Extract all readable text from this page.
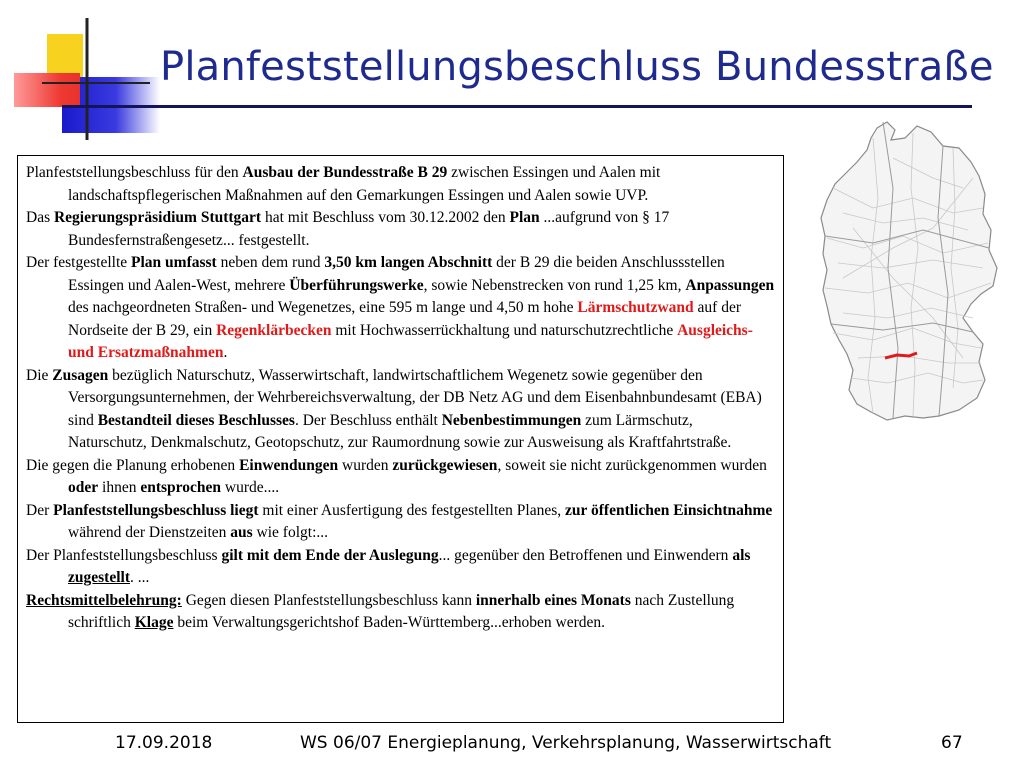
Planfeststellungsbeschluss Bundesstraße
Planfeststellungsbeschluss für den Ausbau der Bundesstraße B 29 zwischen Essingen und Aalen mit landschaftspflegerischen Maßnahmen auf den Gemarkungen Essingen und Aalen sowie UVP.
Das Regierungspräsidium Stuttgart hat mit Beschluss vom 30.12.2002 den Plan ...aufgrund von § 17 Bundesfernstraßengesetz... festgestellt.
Der festgestellte Plan umfasst neben dem rund 3,50 km langen Abschnitt der B 29 die beiden Anschlussstellen Essingen und Aalen-West, mehrere Überführungswerke, sowie Nebenstrecken von rund 1,25 km, Anpassungen des nachgeordneten Straßen- und Wegenetzes, eine 595 m lange und 4,50 m hohe Lärmschutzwand auf der Nordseite der B 29, ein Regenklärbecken mit Hochwasserrückhaltung und naturschutzrechtliche Ausgleichs- und Ersatzmaßnahmen.
Die Zusagen bezüglich Naturschutz, Wasserwirtschaft, landwirtschaftlichem Wegenetz sowie gegenüber den Versorgungsunternehmen, der Wehrbereichsverwaltung, der DB Netz AG und dem Eisenbahnbundesamt (EBA) sind Bestandteil dieses Beschlusses. Der Beschluss enthält Nebenbestimmungen zum Lärmschutz, Naturschutz, Denkmalschutz, Geotopschutz, zur Raumordnung sowie zur Ausweisung als Kraftfahrtstraße.
Die gegen die Planung erhobenen Einwendungen wurden zurückgewiesen, soweit sie nicht zurückgenommen wurden oder ihnen entsprochen wurde....
Der Planfeststellungsbeschluss liegt mit einer Ausfertigung des festgestellten Planes, zur öffentlichen Einsichtnahme während der Dienstzeiten aus wie folgt:...
Der Planfeststellungsbeschluss gilt mit dem Ende der Auslegung... gegenüber den Betroffenen und Einwendern als zugestellt. ...
Rechtsmittelbelehrung: Gegen diesen Planfeststellungsbeschluss kann innerhalb eines Monats nach Zustellung schriftlich Klage beim Verwaltungsgerichtshof Baden-Württemberg...erhoben werden.
17.09.2018	WS 06/07 Energieplanung, Verkehrsplanung, Wasserwirtschaft	67
